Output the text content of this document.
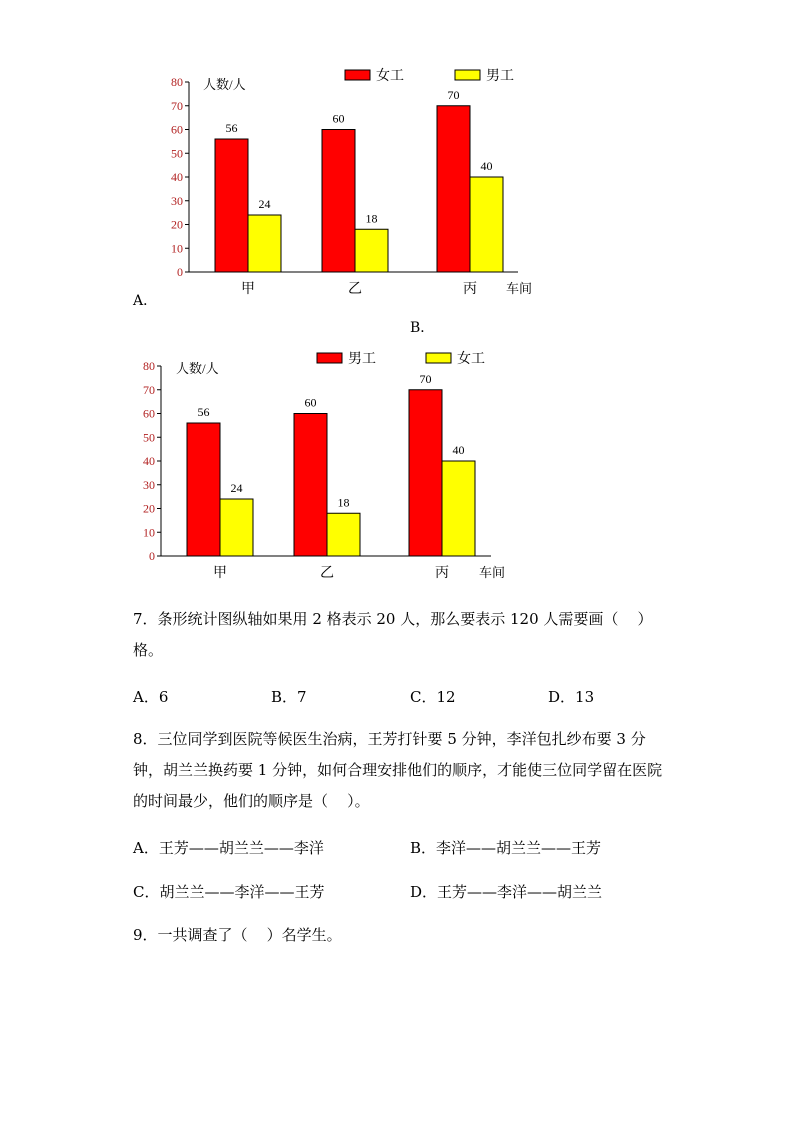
0
10
20
30
40
50
60
70
80 人数/人
车间
56
24
甲
60
18
乙
70
40
丙
女工	男工
A．
B．
0
10
20
30
40
50
60
70
80 人数/人
车间
56
24
甲
60
18
乙
70
40
丙
男工	女工
7．条形统计图纵轴如果用 2 格表示 20 人，那么要表示 120 人需要画（    ）格。
A．6	B．7	C．12	D．13
8．三位同学到医院等候医生治病，王芳打针要 5 分钟，李洋包扎纱布要 3 分钟，胡兰兰换药要 1 分钟，如何合理安排他们的顺序，才能使三位同学留在医院的时间最少，他们的顺序是（    ）。
A．王芳——胡兰兰——李洋	B．李洋——胡兰兰——王芳
C．胡兰兰——李洋——王芳	D．王芳——李洋——胡兰兰
9．一共调查了（    ）名学生。
